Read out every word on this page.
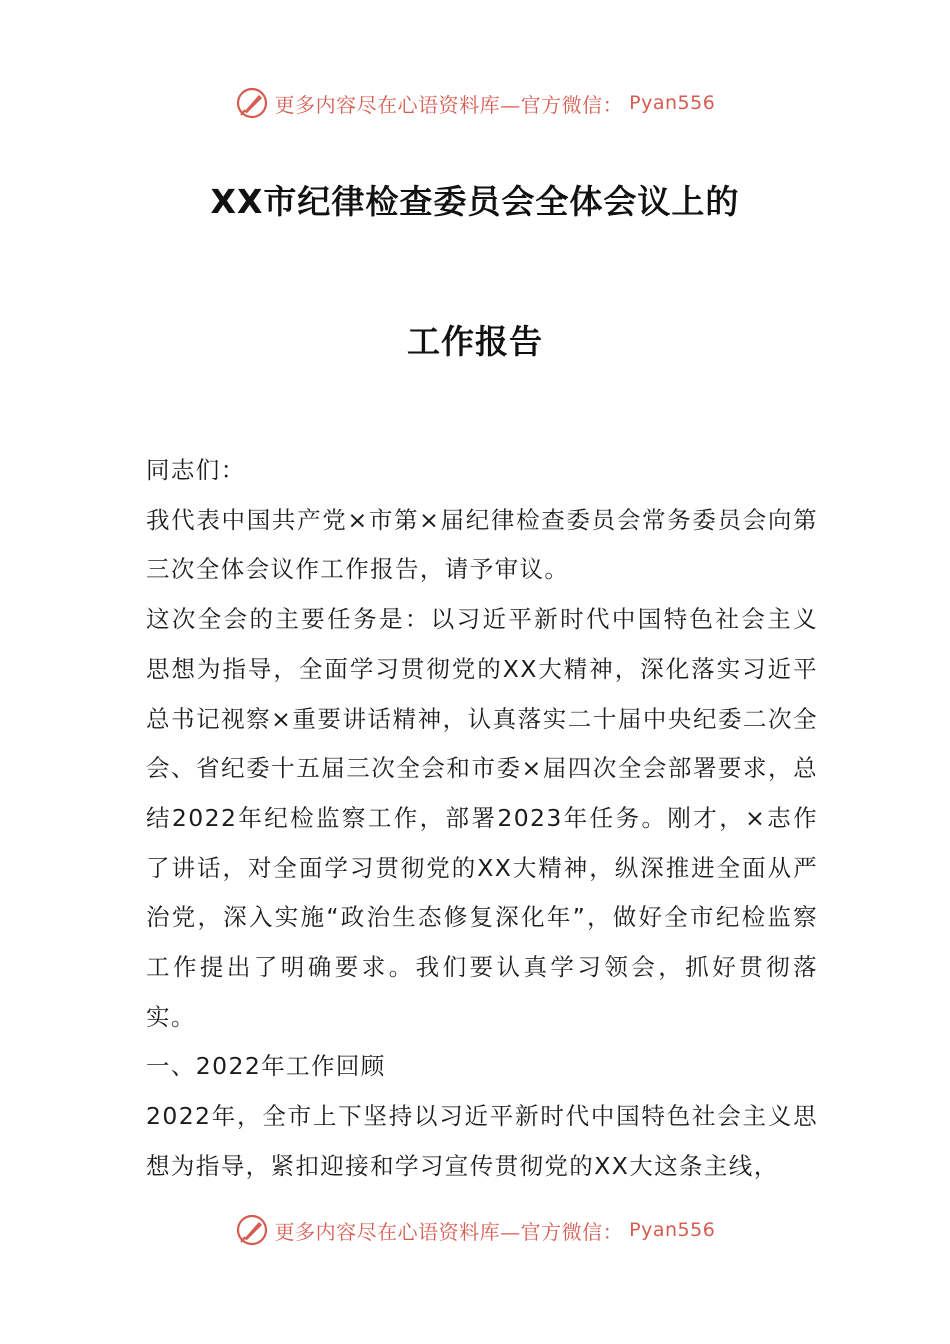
更多内容尽在心语资料库—官方微信： Pyan556
XX市纪律检查委员会全体会议上的
工作报告

同志们：

我代表中国共产党×市第×届纪律检查委员会常务委员会向第三次全体会议作工作报告，请予审议。

这次全会的主要任务是：以习近平新时代中国特色社会主义思想为指导，全面学习贯彻党的XX大精神，深化落实习近平总书记视察×重要讲话精神，认真落实二十届中央纪委二次全会、省纪委十五届三次全会和市委×届四次全会部署要求，总结2022年纪检监察工作，部署2023年任务。刚才，×志作了讲话，对全面学习贯彻党的XX大精神，纵深推进全面从严治党，深入实施“政治生态修复深化年”，做好全市纪检监察工作提出了明确要求。我们要认真学习领会，抓好贯彻落实。

一、2022年工作回顾

2022年，全市上下坚持以习近平新时代中国特色社会主义思想为指导，紧扣迎接和学习宣传贯彻党的XX大这条主线，

更多内容尽在心语资料库—官方微信： Pyan556
